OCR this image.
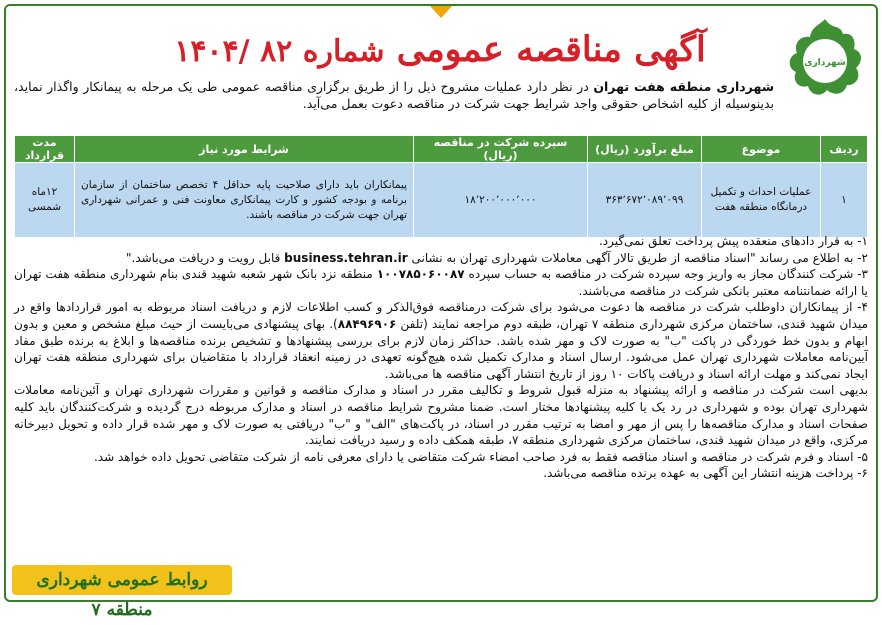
شهرداری
آگهی مناقصه عمومی شماره ۸۲ /۱۴۰۴
شهرداری منطقه هفت تهران در نظر دارد عملیات مشروح ذیل را از طریق برگزاری مناقصه عمومی طی یک مرحله به پیمانکار واگذار نماید، بدینوسیله از کلیه اشخاص حقوقی واجد شرایط جهت شرکت در مناقصه دعوت بعمل می‌آید.
ردیف	موضوع	مبلغ برآورد (ریال)	سپرده شرکت در مناقصه (ریال)	شرایط مورد نیاز	مدت قرارداد
۱	عملیات احداث و تکمیل درمانگاه منطقه هفت	۳۶۳٬۶۷۲٬۰۸۹٬۰۹۹	۱۸٬۲۰۰٬۰۰۰٬۰۰۰	پیمانکاران باید دارای صلاحیت پایه حداقل ۴ تخصص ساختمان از سازمان برنامه و بودجه کشور و کارت پیمانکاری معاونت فنی و عمرانی شهرداری تهران جهت شرکت در مناقصه باشند.	۱۲ماه شمسی

۱- به قرار دادهای منعقده پیش پرداخت تعلق نمی‌گیرد.

۲- به اطلاع می رساند "اسناد مناقصه از طریق تالار آگهی معاملات شهرداری تهران به نشانی business.tehran.ir قابل رویت و دریافت می‌باشد."

۳- شرکت کنندگان مجاز به واریز وجه سپرده شرکت در مناقصه به حساب سپرده ۱۰۰۷۸۵۰۶۰۰۸۷ منطقه نزد بانک شهر شعبه شهید قندی بنام شهرداری منطقه هفت تهران یا ارائه ضمانتنامه معتبر بانکی شرکت در مناقصه می‌باشند.

۴- از پیمانکاران داوطلب شرکت در مناقصه ها دعوت می‌شود برای شرکت درمناقصه فوق‌الذکر و کسب اطلاعات لازم و دریافت اسناد مربوطه به امور قراردادها واقع در میدان شهید قندی، ساختمان مرکزی شهرداری منطقه ۷ تهران، طبقه دوم مراجعه نمایند (تلفن ۸۸۴۹۶۹۰۶). بهای پیشنهادی می‌بایست از حیث مبلغ مشخص و معین و بدون ابهام و بدون خط خوردگی در پاکت "ب" به صورت لاک و مهر شده باشد. حداکثر زمان لازم برای بررسی پیشنهادها و تشخیص برنده مناقصه‌ها و ابلاغ به برنده طبق مفاد آیین‌نامه معاملات شهرداری تهران عمل می‌شود. ارسال اسناد و مدارک تکمیل شده هیچ‌گونه تعهدی در زمینه انعقاد قرارداد با متقاضیان برای شهرداری منطقه هفت تهران ایجاد نمی‌کند و مهلت ارائه اسناد و دریافت پاکات ۱۰ روز از تاریخ انتشار آگهی مناقصه ها می‌باشد.

بدیهی است شرکت در مناقصه و ارائه پیشنهاد به منزله قبول شروط و تکالیف مقرر در اسناد و مدارک مناقصه و قوانین و مقررات شهرداری تهران و آئین‌نامه معاملات شهرداری تهران بوده و شهرداری در رد یک یا کلیه پیشنهادها مختار است. ضمنا مشروح شرایط مناقصه در اسناد و مدارک مربوطه درج گردیده و شرکت‌کنندگان باید کلیه صفحات اسناد و مدارک مناقصه‌ها را پس از مهر و امضا به ترتیب مقرر در اسناد، در پاکت‌های "الف" و "ب" دریافتی به صورت لاک و مهر شده قرار داده و تحویل دبیرخانه مرکزی، واقع در میدان شهید قندی، ساختمان مرکزی شهرداری منطقه ۷، طبقه همکف داده و رسید دریافت نمایند.

۵- اسناد و فرم شرکت در مناقصه و اسناد مناقصه فقط به فرد صاحب امضاء شرکت متقاضی یا دارای معرفی نامه از شرکت متقاضی تحویل داده خواهد شد.

۶- پرداخت هزینه انتشار این آگهی به عهده برنده مناقصه می‌باشد.

روابط عمومی شهرداری منطقه ۷
